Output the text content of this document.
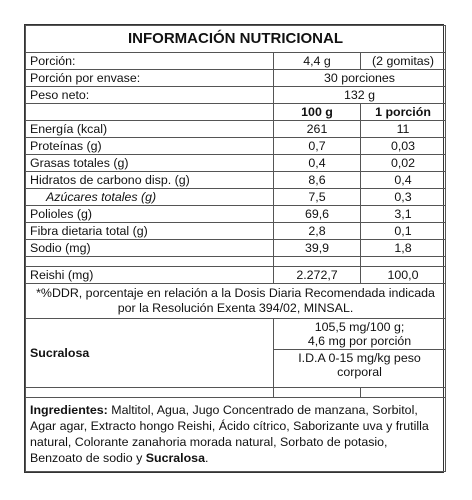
INFORMACIÓN NUTRICIONAL		
Porción:	4,4 g	(2 gomitas)
Porción por envase:	30 porciones	
Peso neto:	132 g	
	100 g	1 porción
Energía (kcal)	261	11
Proteínas (g)	0,7	0,03
Grasas totales (g)	0,4	0,02
Hidratos de carbono disp. (g)	8,6	0,4
Azúcares totales (g)	7,5	0,3
Polioles (g)	69,6	3,1
Fibra dietaria total (g)	2,8	0,1
Sodio (mg)	39,9	1,8

Reishi (mg)	2.272,7	100,0
*%DDR, porcentaje en relación a la Dosis Diaria Recomendada indicada por la Resolución Exenta 394/02, MINSAL.		
Sucralosa	105,5 mg/100 g;
4,6 mg por porción	

	I.D.A 0-15 mg/kg peso corporal	

Ingredientes: Maltitol, Agua, Jugo Concentrado de manzana, Sorbitol, Agar agar, Extracto hongo Reishi, Ácido cítrico, Saborizante uva y frutilla natural, Colorante zanahoria morada natural, Sorbato de potasio, Benzoato de sodio y Sucralosa.		
